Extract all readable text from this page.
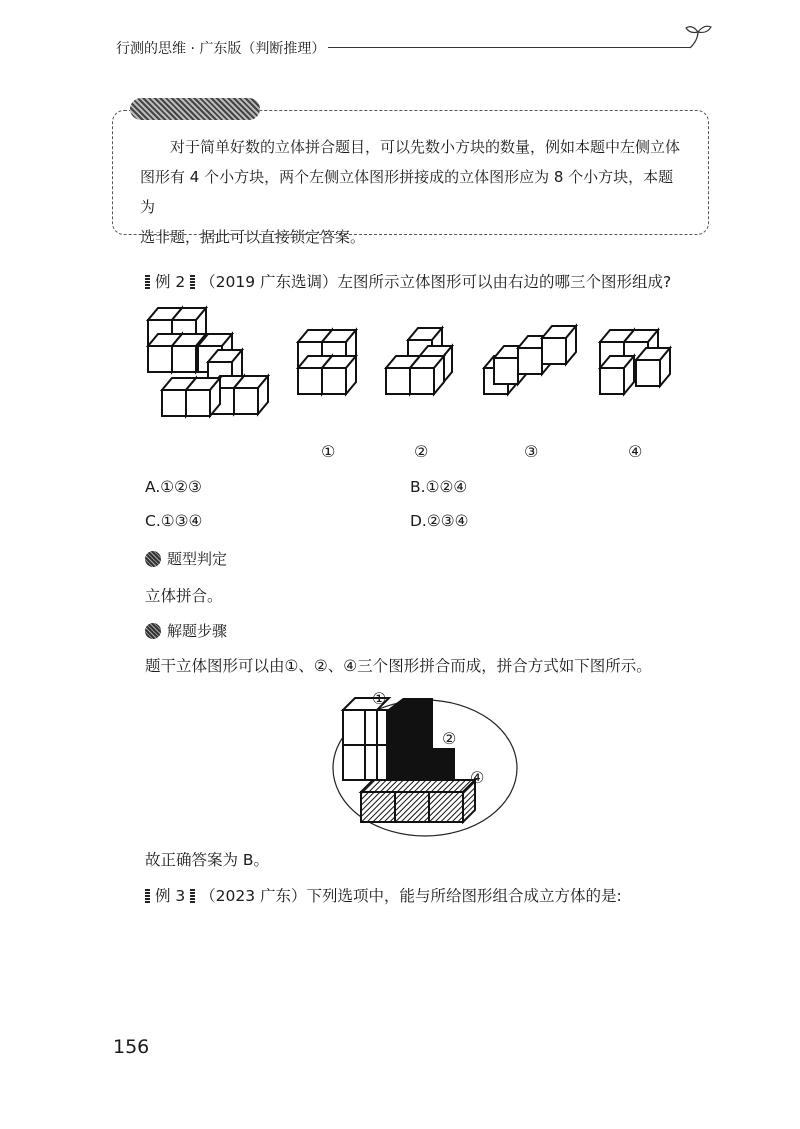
行测的思维 · 广东版（判断推理）

对于简单好数的立体拼合题目，可以先数小方块的数量，例如本题中左侧立体

图形有 4 个小方块，两个左侧立体图形拼接成的立体图形应为 8 个小方块，本题为
选非题，据此可以直接锁定答案。
例 2 （2019 广东选调）左图所示立体图形可以由右边的哪三个图形组成?
①	②	③	④
A.①②③	B.①②④
C.①③④	D.②③④
题型判定
立体拼合。
解题步骤
题干立体图形可以由①、②、④三个图形拼合而成，拼合方式如下图所示。
①
②
④
故正确答案为 B。
例 3 （2023 广东）下列选项中，能与所给图形组合成立方体的是:
156
